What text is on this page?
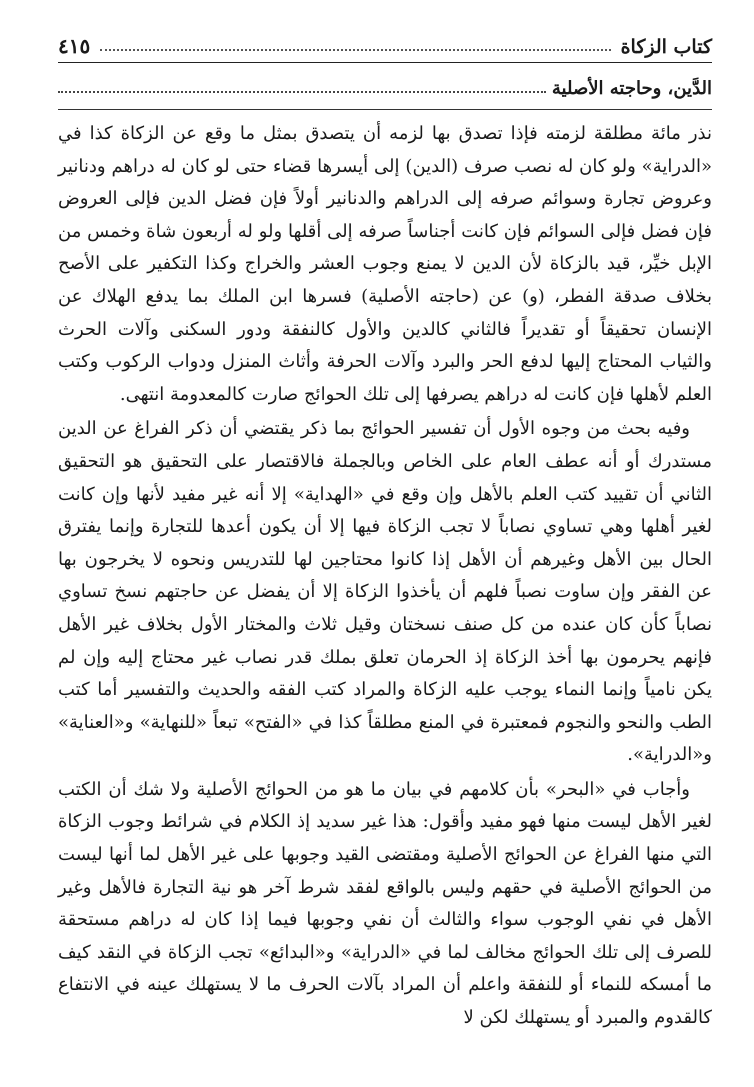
كتاب الزكاة
٤١٥
الدَّين، وحاجته الأصلية

نذر مائة مطلقة لزمته فإذا تصدق بها لزمه أن يتصدق بمثل ما وقع عن الزكاة كذا في «الدراية» ولو كان له نصب صرف (الدين) إلى أيسرها قضاء حتى لو كان له دراهم ودنانير وعروض تجارة وسوائم صرفه إلى الدراهم والدنانير أولاً فإن فضل الدين فإلى العروض فإن فضل فإلى السوائم فإن كانت أجناساً صرفه إلى أقلها ولو له أربعون شاة وخمس من الإبل خيِّر، قيد بالزكاة لأن الدين لا يمنع وجوب العشر والخراج وكذا التكفير على الأصح بخلاف صدقة الفطر، (و) عن (حاجته الأصلية) فسرها ابن الملك بما يدفع الهلاك عن الإنسان تحقيقاً أو تقديراً فالثاني كالدين والأول كالنفقة ودور السكنى وآلات الحرث والثياب المحتاج إليها لدفع الحر والبرد وآلات الحرفة وأثاث المنزل ودواب الركوب وكتب العلم لأهلها فإن كانت له دراهم يصرفها إلى تلك الحوائج صارت كالمعدومة انتهى.

وفيه بحث من وجوه الأول أن تفسير الحوائج بما ذكر يقتضي أن ذكر الفراغ عن الدين مستدرك أو أنه عطف العام على الخاص وبالجملة فالاقتصار على التحقيق هو التحقيق الثاني أن تقييد كتب العلم بالأهل وإن وقع في «الهداية» إلا أنه غير مفيد لأنها وإن كانت لغير أهلها وهي تساوي نصاباً لا تجب الزكاة فيها إلا أن يكون أعدها للتجارة وإنما يفترق الحال بين الأهل وغيرهم أن الأهل إذا كانوا محتاجين لها للتدريس ونحوه لا يخرجون بها عن الفقر وإن ساوت نصباً فلهم أن يأخذوا الزكاة إلا أن يفضل عن حاجتهم نسخ تساوي نصاباً كأن كان عنده من كل صنف نسختان وقيل ثلاث والمختار الأول بخلاف غير الأهل فإنهم يحرمون بها أخذ الزكاة إذ الحرمان تعلق بملك قدر نصاب غير محتاج إليه وإن لم يكن نامياً وإنما النماء يوجب عليه الزكاة والمراد كتب الفقه والحديث والتفسير أما كتب الطب والنحو والنجوم فمعتبرة في المنع مطلقاً كذا في «الفتح» تبعاً «للنهاية» و«العناية» و«الدراية».

وأجاب في «البحر» بأن كلامهم في بيان ما هو من الحوائج الأصلية ولا شك أن الكتب لغير الأهل ليست منها فهو مفيد وأقول: هذا غير سديد إذ الكلام في شرائط وجوب الزكاة التي منها الفراغ عن الحوائج الأصلية ومقتضى القيد وجوبها على غير الأهل لما أنها ليست من الحوائج الأصلية في حقهم وليس بالواقع لفقد شرط آخر هو نية التجارة فالأهل وغير الأهل في نفي الوجوب سواء والثالث أن نفي وجوبها فيما إذا كان له دراهم مستحقة للصرف إلى تلك الحوائج مخالف لما في «الدراية» و«البدائع» تجب الزكاة في النقد كيف ما أمسكه للنماء أو للنفقة واعلم أن المراد بآلات الحرف ما لا يستهلك عينه في الانتفاع كالقدوم والمبرد أو يستهلك لكن لا
